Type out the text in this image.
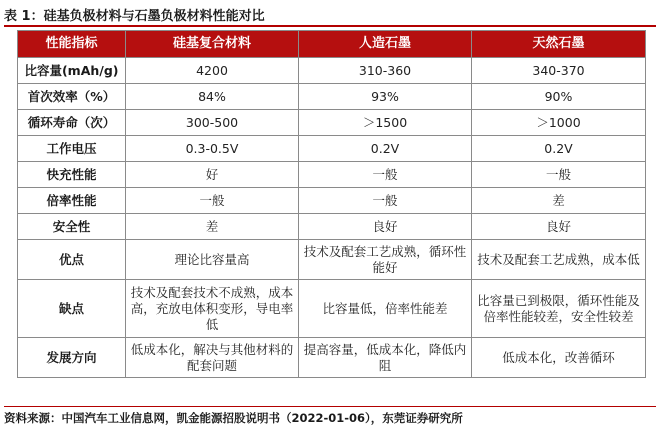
表 1：硅基负极材料与石墨负极材料性能对比
性能指标	硅基复合材料	人造石墨	天然石墨
比容量(mAh/g)	4200	310-360	340-370
首次效率（%）	84%	93%	90%
循环寿命（次）	300-500	＞1500	＞1000
工作电压	0.3-0.5V	0.2V	0.2V
快充性能	好	一般	一般
倍率性能	一般	一般	差
安全性	差	良好	良好
优点	理论比容量高	技术及配套工艺成熟，循环性能好	技术及配套工艺成熟，成本低
缺点	技术及配套技术不成熟，成本高，充放电体积变形，导电率低	比容量低，倍率性能差	比容量已到极限，循环性能及倍率性能较差，安全性较差
发展方向	低成本化，解决与其他材料的配套问题	提高容量，低成本化，降低内阻	低成本化，改善循环
资料来源：中国汽车工业信息网，凯金能源招股说明书（2022-01-06），东莞证券研究所
